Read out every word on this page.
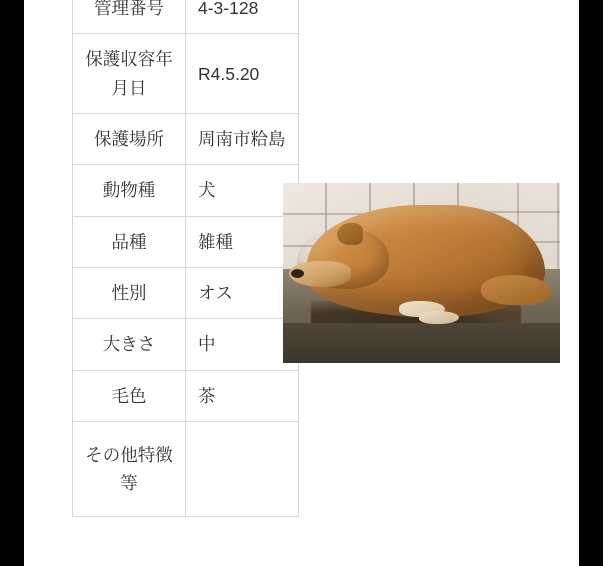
管理番号	4-3-128
保護収容年月日	R4.5.20
保護場所	周南市粭島
動物種	犬
品種	雑種
性別	オス
大きさ	中
毛色	茶
その他特徴等	
